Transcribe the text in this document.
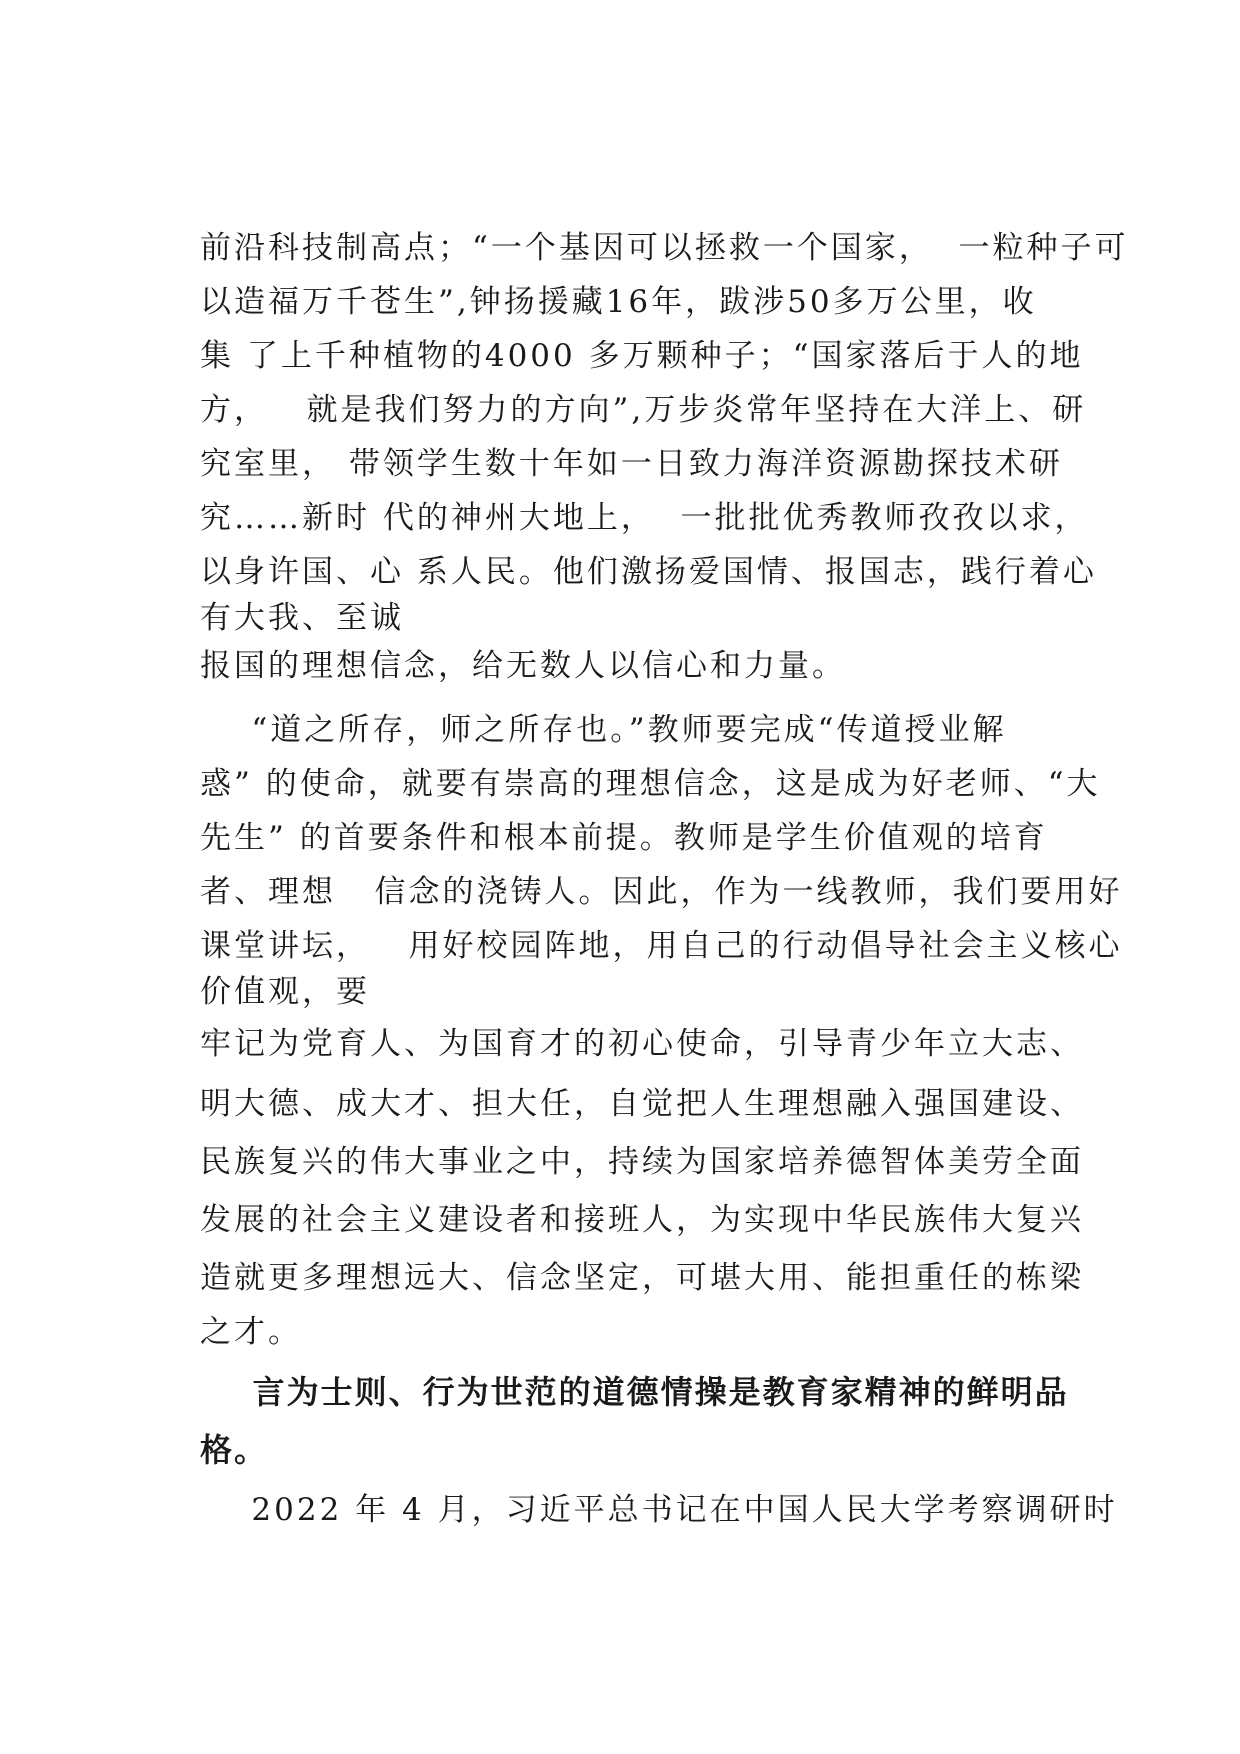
前沿科技制高点；“一个基因可以拯救一个国家，  一粒种子可
以造福万千苍生”,钟扬援藏16年，跋涉50多万公里，收
集 了上千种植物的4000 多万颗种子；“国家落后于人的地
方，   就是我们努力的方向”,万步炎常年坚持在大洋上、研
究室里， 带领学生数十年如一日致力海洋资源勘探技术研
究……新时 代的神州大地上，  一批批优秀教师孜孜以求，
以身许国、心 系人民。他们激扬爱国情、报国志，践行着心
有大我、至诚
报国的理想信念，给无数人以信心和力量。
“道之所存，师之所存也。”教师要完成“传道授业解
惑” 的使命，就要有崇高的理想信念，这是成为好老师、“大
先生” 的首要条件和根本前提。教师是学生价值观的培育
者、理想   信念的浇铸人。因此，作为一线教师，我们要用好
课堂讲坛，   用好校园阵地，用自己的行动倡导社会主义核心
价值观，要
牢记为党育人、为国育才的初心使命，引导青少年立大志、
明大德、成大才、担大任，自觉把人生理想融入强国建设、
民族复兴的伟大事业之中，持续为国家培养德智体美劳全面
发展的社会主义建设者和接班人，为实现中华民族伟大复兴
造就更多理想远大、信念坚定，可堪大用、能担重任的栋梁
之才。
言为士则、行为世范的道德情操是教育家精神的鲜明品
格。
2022 年 4 月，习近平总书记在中国人民大学考察调研时
